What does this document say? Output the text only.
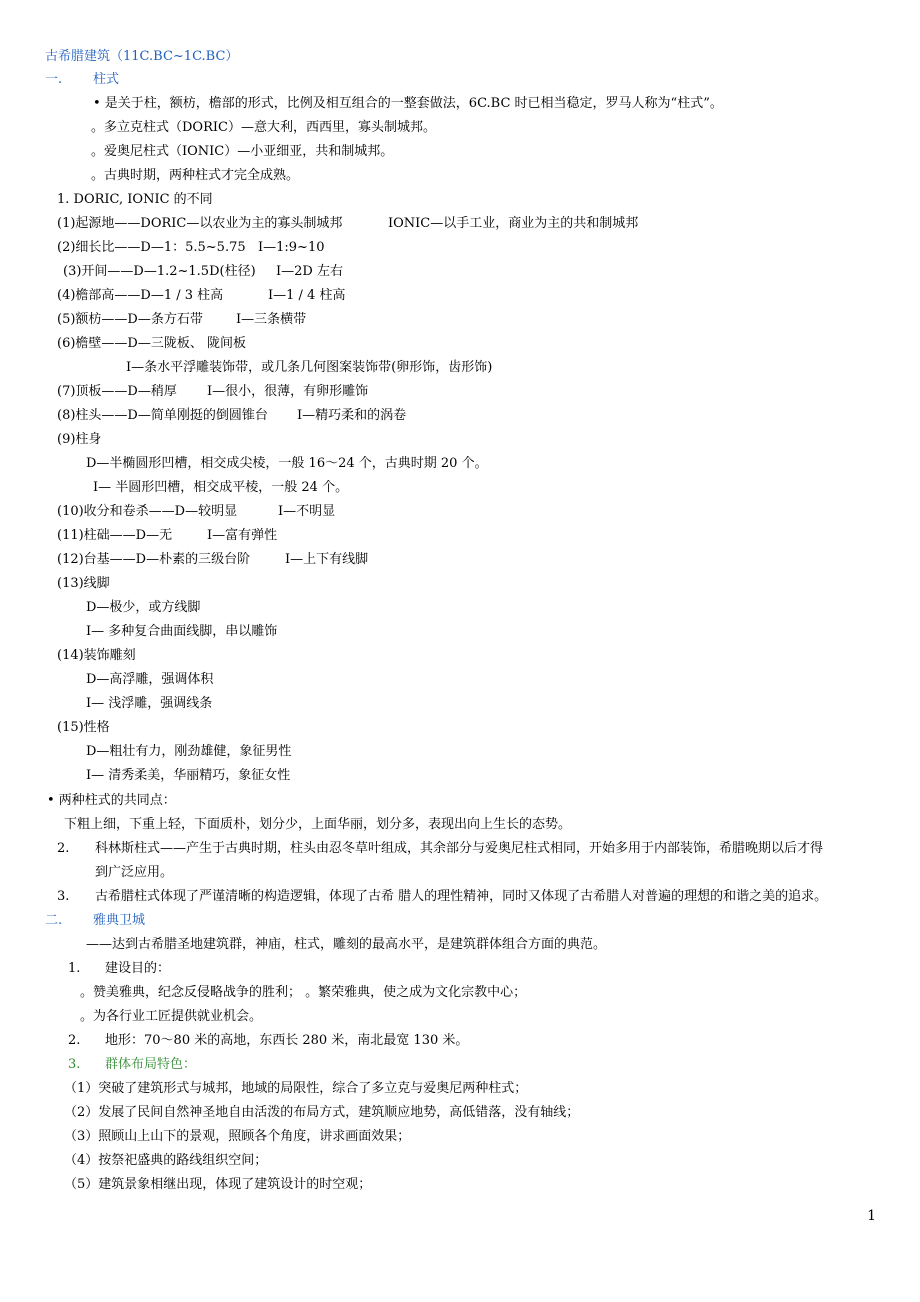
古希腊建筑（11C.BC~1C.BC）
一. 柱式
• 是关于柱，额枋，檐部的形式，比例及相互组合的一整套做法，6C.BC 时已相当稳定，罗马人称为“柱式”。
。多立克柱式（DORIC）—意大利，西西里，寡头制城邦。
。爱奥尼柱式（IONIC）—小亚细亚，共和制城邦。
。古典时期，两种柱式才完全成熟。
1. DORIC, IONIC 的不同
(1)起源地——DORIC—以农业为主的寡头制城邦	IONIC—以手工业，商业为主的共和制城邦
(2)细长比——D—1：5.5~5.75 I—1:9~10
(3)开间——D—1.2~1.5D(柱径) I—2D 左右
(4)檐部高——D—1 / 3 柱高	I—1 / 4 柱高
(5)额枋——D—条方石带	I—三条横带
(6)檐壁——D—三陇板、 陇间板
I—条水平浮雕装饰带，或几条几何图案装饰带(卵形饰，齿形饰)
(7)顶板——D—稍厚 I—很小，很薄，有卵形雕饰
(8)柱头——D—简单刚挺的倒圆锥台 I—精巧柔和的涡卷
(9)柱身
D—半椭圆形凹槽，相交成尖棱，一般 16～24 个，古典时期 20 个。
I— 半圆形凹槽，相交成平棱，一般 24 个。
(10)收分和卷杀——D—较明显	I—不明显
(11)柱础——D—无	I—富有弹性
(12)台基——D—朴素的三级台阶	I—上下有线脚
(13)线脚
D—极少，或方线脚
I— 多种复合曲面线脚，串以雕饰
(14)装饰雕刻
D—高浮雕，强调体积
I— 浅浮雕，强调线条
(15)性格
D—粗壮有力，刚劲雄健，象征男性
I— 清秀柔美，华丽精巧，象征女性
• 两种柱式的共同点：
下粗上细，下重上轻，下面质朴，划分少，上面华丽，划分多，表现出向上生长的态势。
2. 科林斯柱式——产生于古典时期，柱头由忍冬草叶组成，其余部分与爱奥尼柱式相同，开始多用于内部装饰，希腊晚期以后才得
到广泛应用。
3. 古希腊柱式体现了严谨清晰的构造逻辑，体现了古希 腊人的理性精神，同时又体现了古希腊人对普遍的理想的和谐之美的追求。
二. 雅典卫城
——达到古希腊圣地建筑群，神庙，柱式，雕刻的最高水平，是建筑群体组合方面的典范。
1. 建设目的：
。赞美雅典，纪念反侵略战争的胜利； 。繁荣雅典，使之成为文化宗教中心；
。为各行业工匠提供就业机会。
2. 地形：70～80 米的高地，东西长 280 米，南北最宽 130 米。
3. 群体布局特色：
（1）突破了建筑形式与城邦，地域的局限性，综合了多立克与爱奥尼两种柱式；
（2）发展了民间自然神圣地自由活泼的布局方式，建筑顺应地势，高低错落，没有轴线；
（3）照顾山上山下的景观，照顾各个角度，讲求画面效果；
（4）按祭祀盛典的路线组织空间；
（5）建筑景象相继出现，体现了建筑设计的时空观；
1
